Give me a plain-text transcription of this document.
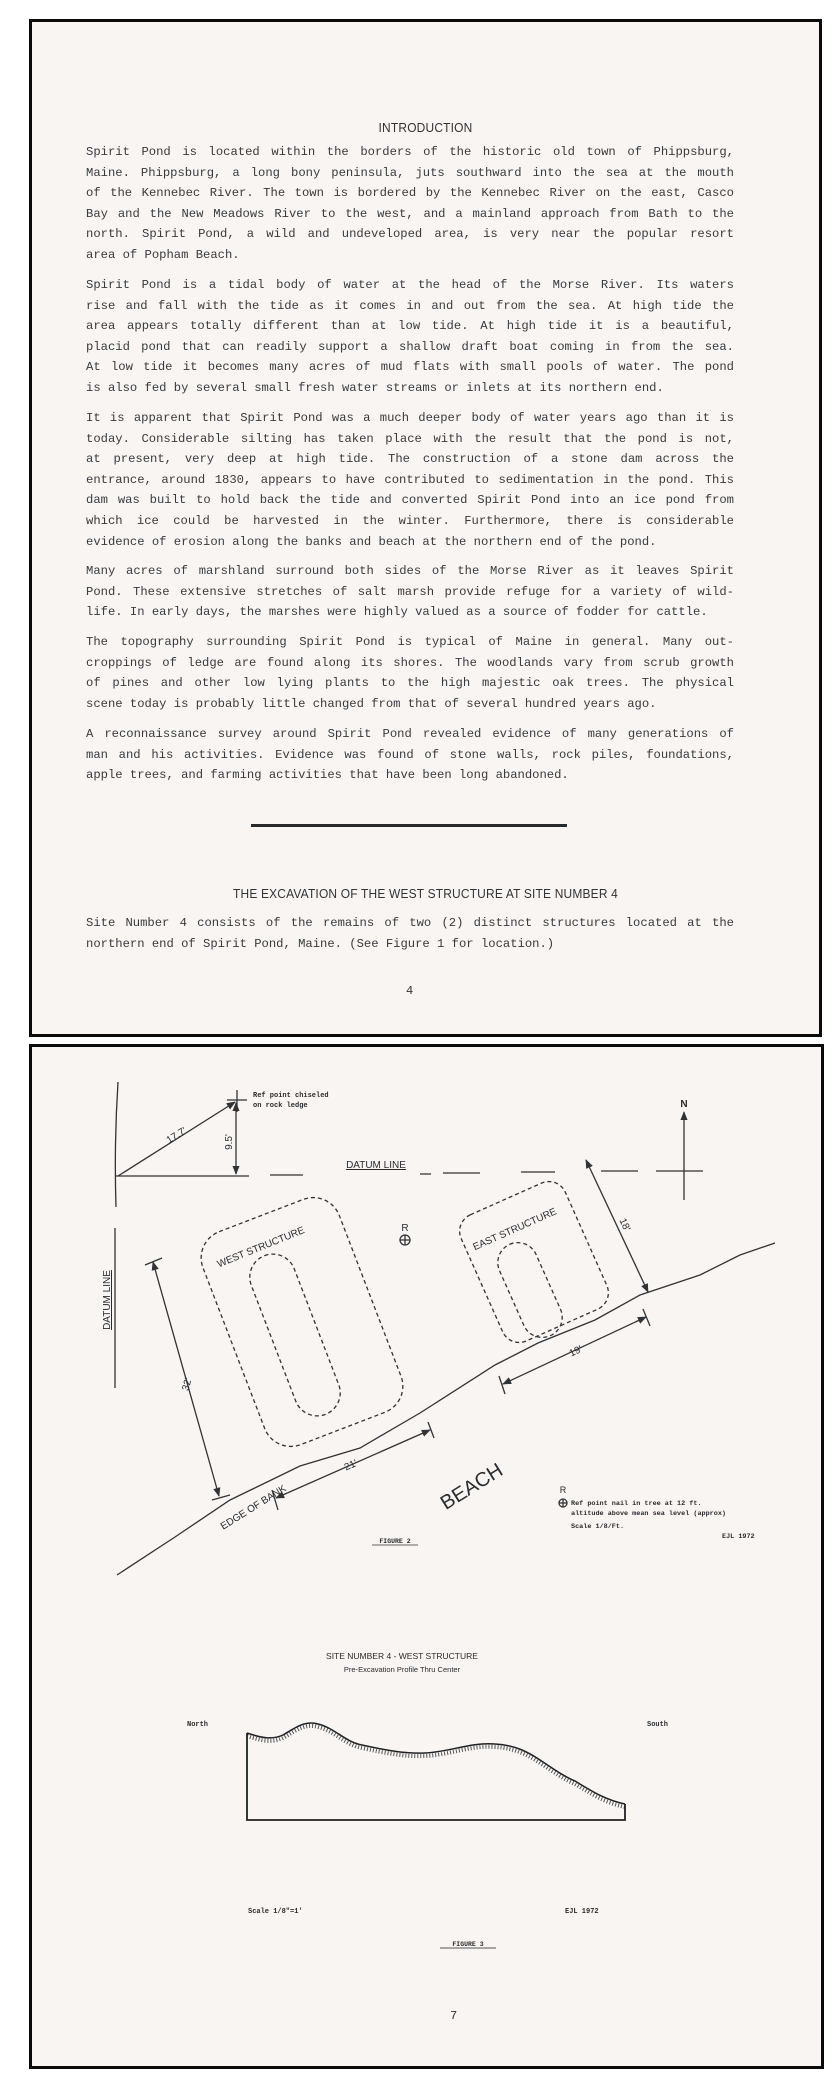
INTRODUCTION
Spirit Pond is located within the borders of the historic old town of Phippsburg,
Maine. Phippsburg, a long bony peninsula, juts southward into the sea at the mouth
of the Kennebec River. The town is bordered by the Kennebec River on the east, Casco
Bay and the New Meadows River to the west, and a mainland approach from Bath to the
north. Spirit Pond, a wild and undeveloped area, is very near the popular resort
area of Popham Beach.
Spirit Pond is a tidal body of water at the head of the Morse River. Its waters
rise and fall with the tide as it comes in and out from the sea. At high tide the
area appears totally different than at low tide. At high tide it is a beautiful,
placid pond that can readily support a shallow draft boat coming in from the sea.
At low tide it becomes many acres of mud flats with small pools of water. The pond
is also fed by several small fresh water streams or inlets at its northern end.
It is apparent that Spirit Pond was a much deeper body of water years ago than it is
today. Considerable silting has taken place with the result that the pond is not,
at present, very deep at high tide. The construction of a stone dam across the
entrance, around 1830, appears to have contributed to sedimentation in the pond. This
dam was built to hold back the tide and converted Spirit Pond into an ice pond from
which ice could be harvested in the winter. Furthermore, there is considerable
evidence of erosion along the banks and beach at the northern end of the pond.
Many acres of marshland surround both sides of the Morse River as it leaves Spirit
Pond. These extensive stretches of salt marsh provide refuge for a variety of wild-
life. In early days, the marshes were highly valued as a source of fodder for cattle.
The topography surrounding Spirit Pond is typical of Maine in general. Many out-
croppings of ledge are found along its shores. The woodlands vary from scrub growth
of pines and other low lying plants to the high majestic oak trees. The physical
scene today is probably little changed from that of several hundred years ago.
A reconnaissance survey around Spirit Pond revealed evidence of many generations of
man and his activities. Evidence was found of stone walls, rock piles, foundations,
apple trees, and farming activities that have been long abandoned.
THE EXCAVATION OF THE WEST STRUCTURE AT SITE NUMBER 4
Site Number 4 consists of the remains of two (2) distinct structures located at the
northern end of Spirit Pond, Maine. (See Figure 1 for location.)
4
7
Ref point chiseled
on rock ledge
17.7'	9.5'
DATUM LINE
DATUM LINE
N
WEST STRUCTURE	EAST STRUCTURE
R	18'
32'
21'
19'
EDGE OF BANK	BEACH	R
Ref point nail in tree at 12 ft.
altitude above mean sea level (approx)
Scale 1/8/Ft.
EJL 1972
FIGURE 2
SITE NUMBER 4 - WEST STRUCTURE
Pre-Excavation Profile Thru Center
North	South
Scale 1/8"=1'	EJL 1972
FIGURE 3
